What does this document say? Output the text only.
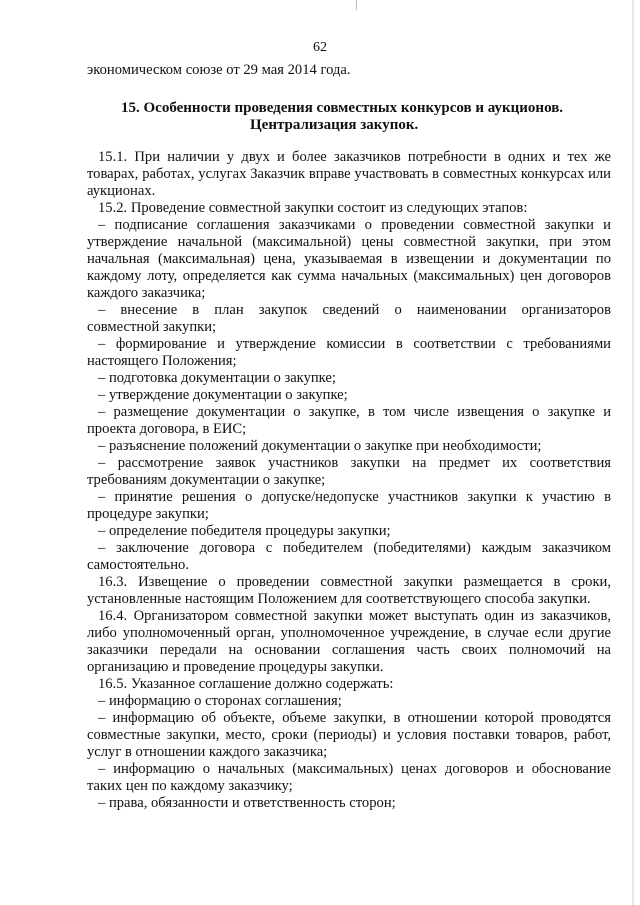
62
экономическом союзе от 29 мая 2014 года.
15. Особенности проведения совместных конкурсов и аукционов.
Централизация закупок.
15.1. При наличии у двух и более заказчиков потребности в одних и тех же
товарах, работах, услугах Заказчик вправе участвовать в совместных конкурсах или
аукционах.
15.2. Проведение совместной закупки состоит из следующих этапов:
– подписание соглашения заказчиками о проведении совместной закупки и
утверждение начальной (максимальной) цены совместной закупки, при этом
начальная (максимальная) цена, указываемая в извещении и документации по
каждому лоту, определяется как сумма начальных (максимальных) цен договоров
каждого заказчика;
– внесение в план закупок сведений о наименовании организаторов
совместной закупки;
– формирование и утверждение комиссии в соответствии с требованиями
настоящего Положения;
– подготовка документации о закупке;
– утверждение документации о закупке;
– размещение документации о закупке, в том числе извещения о закупке и
проекта договора, в ЕИС;
– разъяснение положений документации о закупке при необходимости;
– рассмотрение заявок участников закупки на предмет их соответствия
требованиям документации о закупке;
– принятие решения о допуске/недопуске участников закупки к участию в
процедуре закупки;
– определение победителя процедуры закупки;
– заключение договора с победителем (победителями) каждым заказчиком
самостоятельно.
16.3. Извещение о проведении совместной закупки размещается в сроки,
установленные настоящим Положением для соответствующего способа закупки.
16.4. Организатором совместной закупки может выступать один из заказчиков,
либо уполномоченный орган, уполномоченное учреждение, в случае если другие
заказчики передали на основании соглашения часть своих полномочий на
организацию и проведение процедуры закупки.
16.5. Указанное соглашение должно содержать:
– информацию о сторонах соглашения;
– информацию об объекте, объеме закупки, в отношении которой проводятся
совместные закупки, место, сроки (периоды) и условия поставки товаров, работ,
услуг в отношении каждого заказчика;
– информацию о начальных (максимальных) ценах договоров и обоснование
таких цен по каждому заказчику;
– права, обязанности и ответственность сторон;
